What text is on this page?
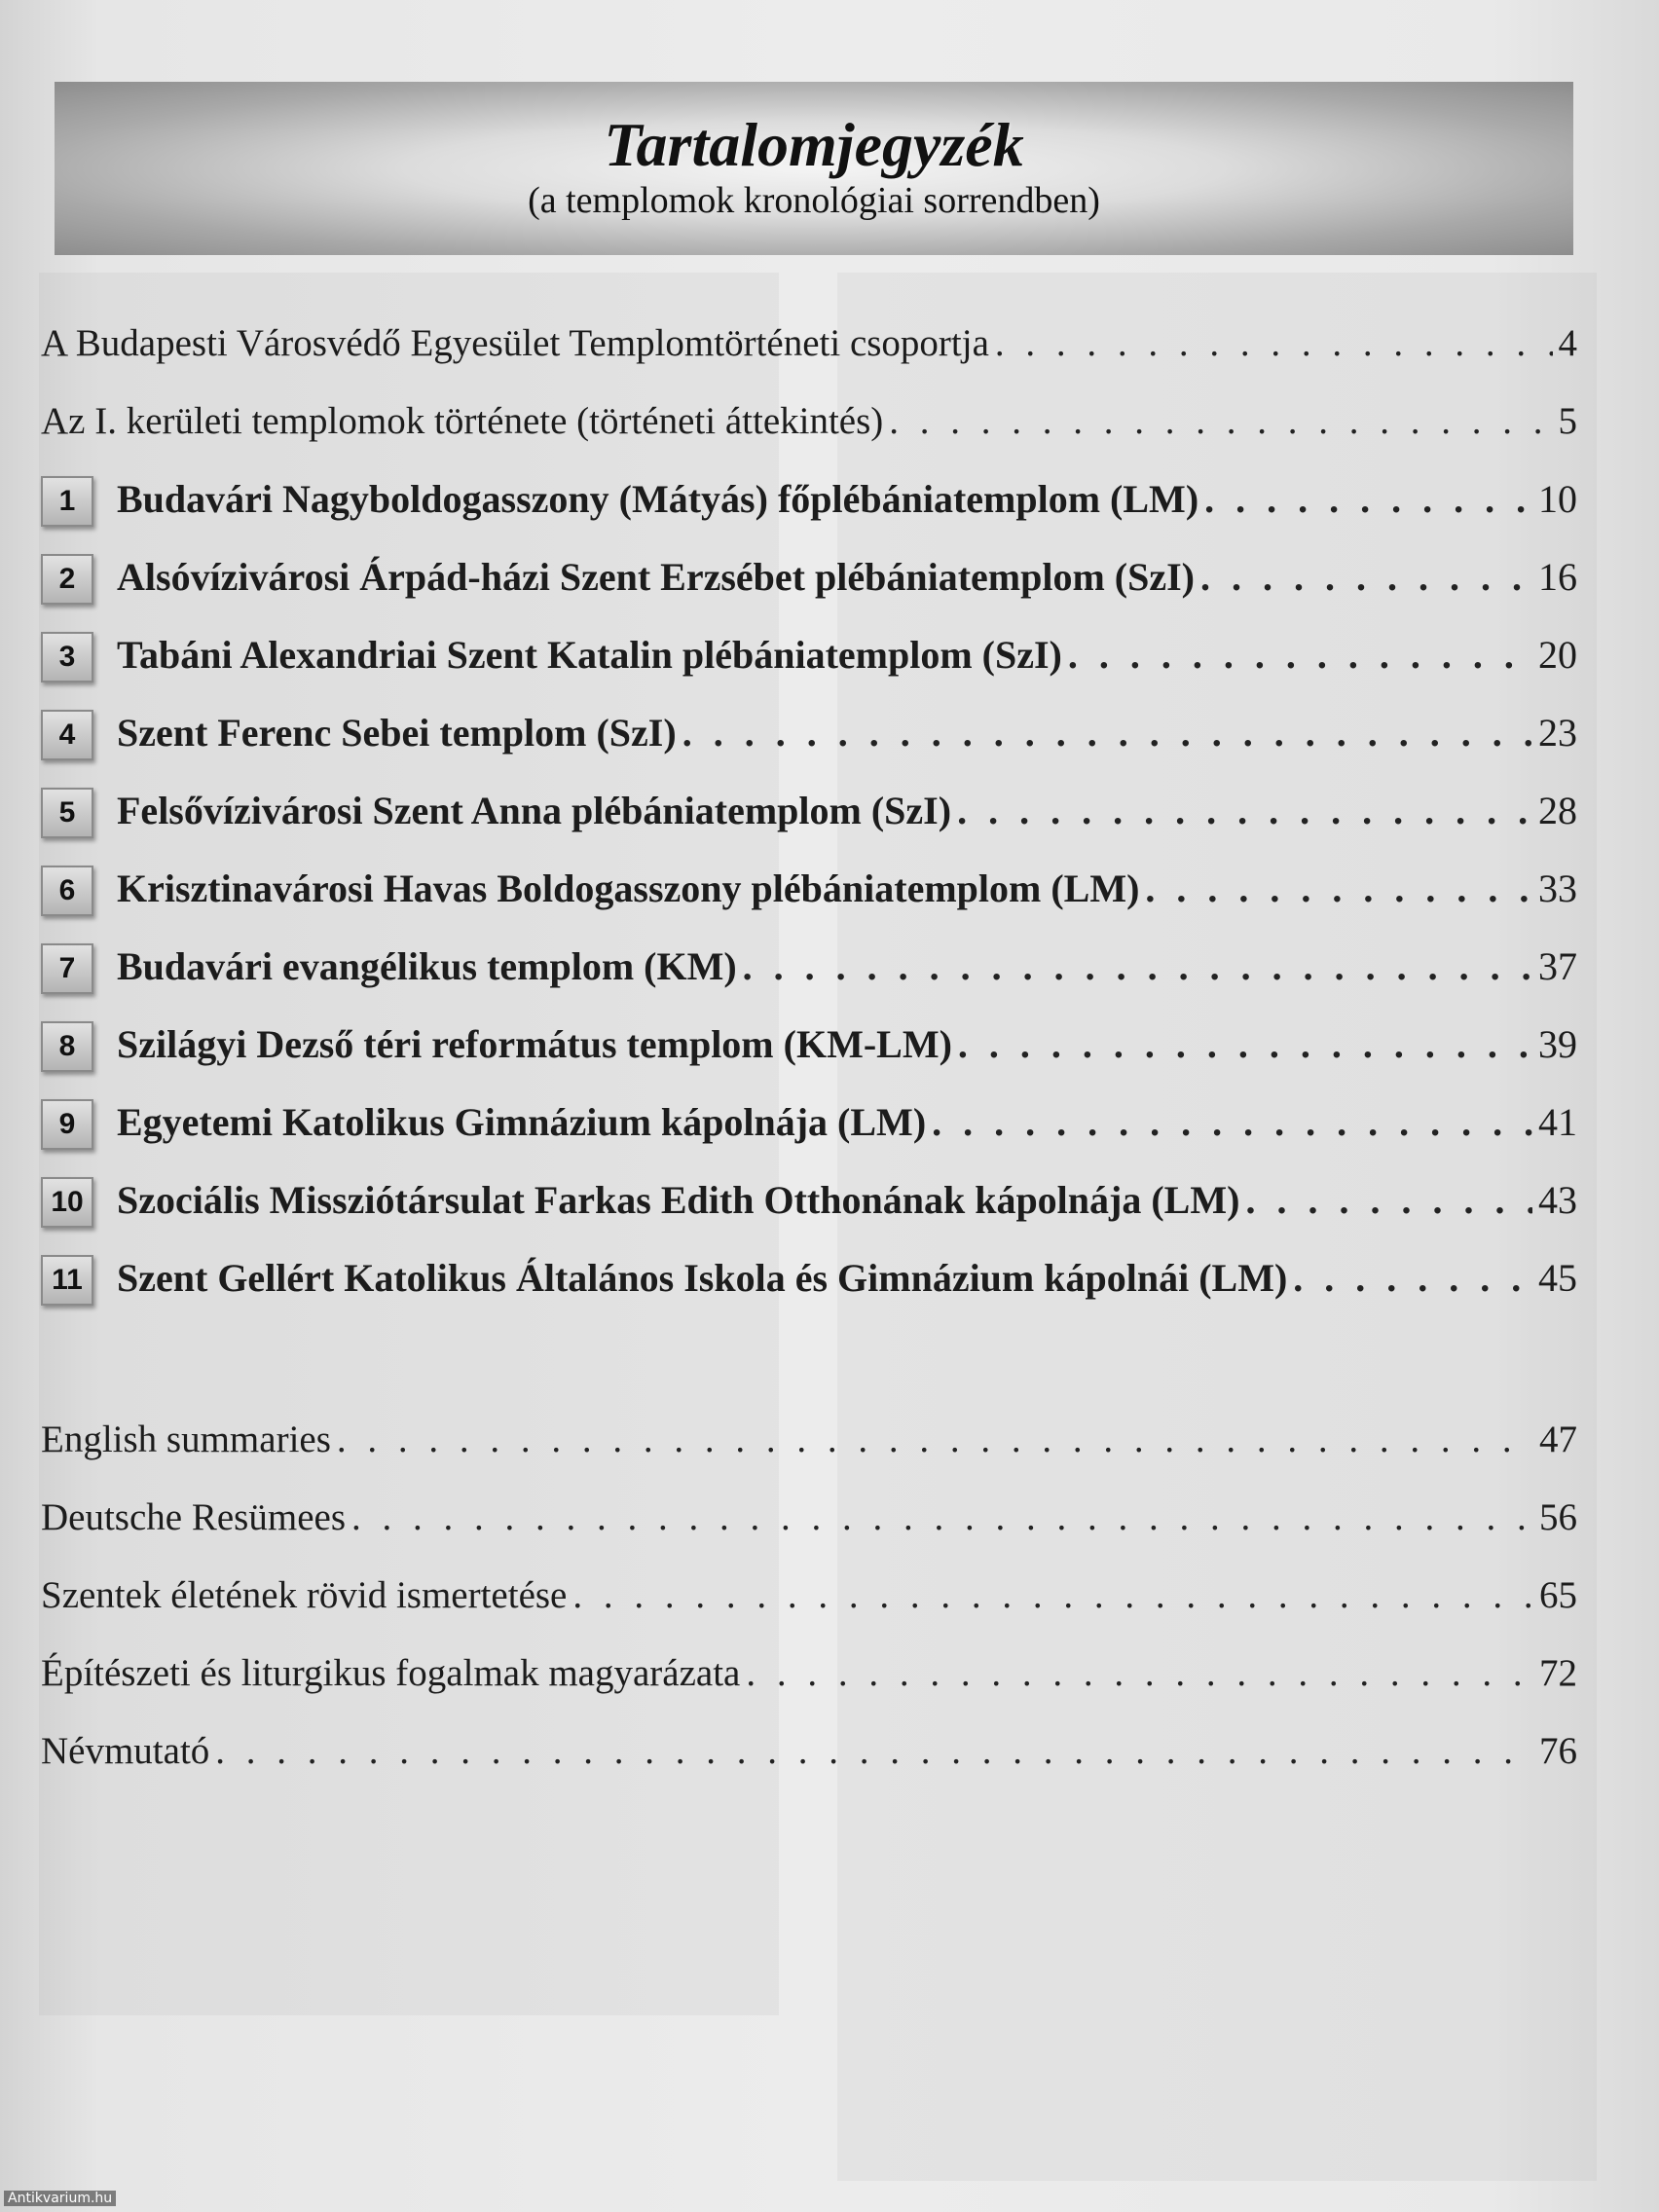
Tartalomjegyzék
(a templomok kronológiai sorrendben)
A Budapesti Városvédő Egyesület Templomtörténeti csoportja . . .	4
Az I. kerületi templomok története (történeti áttekintés) . . .	5
1	Budavári Nagyboldogasszony (Mátyás) főplébániatemplom (LM) . . .	10
2	Alsóvízivárosi Árpád-házi Szent Erzsébet plébániatemplom (SzI) . . .	16
3	Tabáni Alexandriai Szent Katalin plébániatemplom (SzI) . . .	20
4	Szent Ferenc Sebei templom (SzI) . . .	23
5	Felsővízivárosi Szent Anna plébániatemplom (SzI) . . .	28
6	Krisztinavárosi Havas Boldogasszony plébániatemplom (LM) . . .	33
7	Budavári evangélikus templom (KM) . . .	37
8	Szilágyi Dezső téri református templom (KM-LM) . . .	39
9	Egyetemi Katolikus Gimnázium kápolnája (LM) . . .	41
10 Szociális Missziótársulat Farkas Edith Otthonának kápolnája (LM) . . .	43
11 Szent Gellért Katolikus Általános Iskola és Gimnázium kápolnái (LM) . . .	45
English summaries . . .	47
Deutsche Resümees . . .	56
Szentek életének rövid ismertetése . . .	65
Építészeti és liturgikus fogalmak magyarázata . . .	72
Névmutató . . .	76
Antikvarium.hu
